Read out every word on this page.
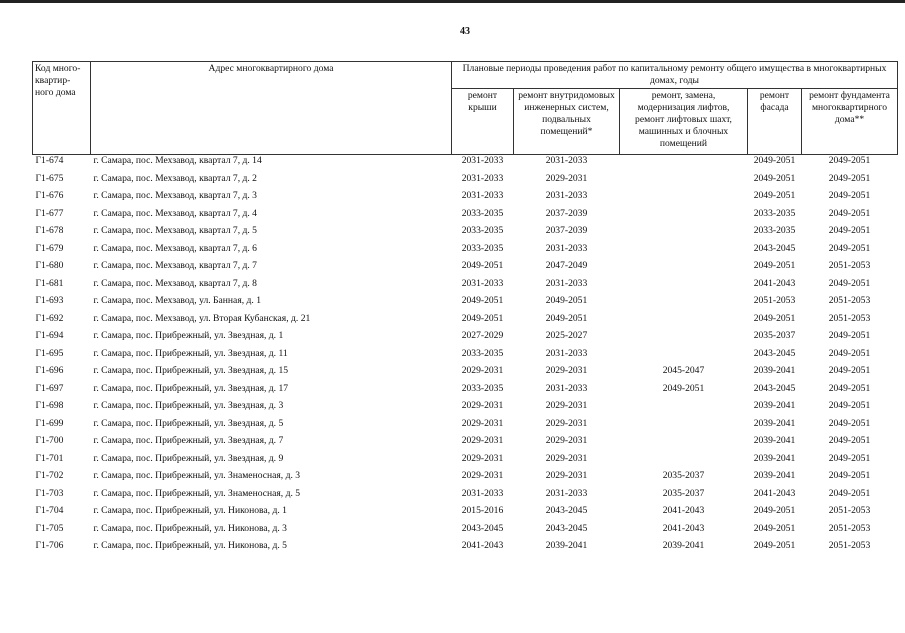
43
Код много-квартир-ного дома	Адрес многоквартирного дома	Плановые периоды проведения работ по капитальному ремонту общего имущества в многоквартирных домах, годы				
		ремонт крыши	ремонт внутридомовых инженерных систем, подвальных помещений*	ремонт, замена, модернизация лифтов, ремонт лифтовых шахт, машинных и блочных помещений	ремонт фасада	ремонт фундамента многоквартирного дома**
Г1-674	г. Самара, пос. Мехзавод, квартал 7, д. 14	2031-2033	2031-2033		2049-2051	2049-2051
Г1-675	г. Самара, пос. Мехзавод, квартал 7, д. 2	2031-2033	2029-2031		2049-2051	2049-2051
Г1-676	г. Самара, пос. Мехзавод, квартал 7, д. 3	2031-2033	2031-2033		2049-2051	2049-2051
Г1-677	г. Самара, пос. Мехзавод, квартал 7, д. 4	2033-2035	2037-2039		2033-2035	2049-2051
Г1-678	г. Самара, пос. Мехзавод, квартал 7, д. 5	2033-2035	2037-2039		2033-2035	2049-2051
Г1-679	г. Самара, пос. Мехзавод, квартал 7, д. 6	2033-2035	2031-2033		2043-2045	2049-2051
Г1-680	г. Самара, пос. Мехзавод, квартал 7, д. 7	2049-2051	2047-2049		2049-2051	2051-2053
Г1-681	г. Самара, пос. Мехзавод, квартал 7, д. 8	2031-2033	2031-2033		2041-2043	2049-2051
Г1-693	г. Самара, пос. Мехзавод, ул. Банная, д. 1	2049-2051	2049-2051		2051-2053	2051-2053
Г1-692	г. Самара, пос. Мехзавод, ул. Вторая Кубанская, д. 21	2049-2051	2049-2051		2049-2051	2051-2053
Г1-694	г. Самара, пос. Прибрежный, ул. Звездная, д. 1	2027-2029	2025-2027		2035-2037	2049-2051
Г1-695	г. Самара, пос. Прибрежный, ул. Звездная, д. 11	2033-2035	2031-2033		2043-2045	2049-2051
Г1-696	г. Самара, пос. Прибрежный, ул. Звездная, д. 15	2029-2031	2029-2031	2045-2047	2039-2041	2049-2051
Г1-697	г. Самара, пос. Прибрежный, ул. Звездная, д. 17	2033-2035	2031-2033	2049-2051	2043-2045	2049-2051
Г1-698	г. Самара, пос. Прибрежный, ул. Звездная, д. 3	2029-2031	2029-2031		2039-2041	2049-2051
Г1-699	г. Самара, пос. Прибрежный, ул. Звездная, д. 5	2029-2031	2029-2031		2039-2041	2049-2051
Г1-700	г. Самара, пос. Прибрежный, ул. Звездная, д. 7	2029-2031	2029-2031		2039-2041	2049-2051
Г1-701	г. Самара, пос. Прибрежный, ул. Звездная, д. 9	2029-2031	2029-2031		2039-2041	2049-2051
Г1-702	г. Самара, пос. Прибрежный, ул. Знаменосная, д. 3	2029-2031	2029-2031	2035-2037	2039-2041	2049-2051
Г1-703	г. Самара, пос. Прибрежный, ул. Знаменосная, д. 5	2031-2033	2031-2033	2035-2037	2041-2043	2049-2051
Г1-704	г. Самара, пос. Прибрежный, ул. Никонова, д. 1	2015-2016	2043-2045	2041-2043	2049-2051	2051-2053
Г1-705	г. Самара, пос. Прибрежный, ул. Никонова, д. 3	2043-2045	2043-2045	2041-2043	2049-2051	2051-2053
Г1-706	г. Самара, пос. Прибрежный, ул. Никонова, д. 5	2041-2043	2039-2041	2039-2041	2049-2051	2051-2053
